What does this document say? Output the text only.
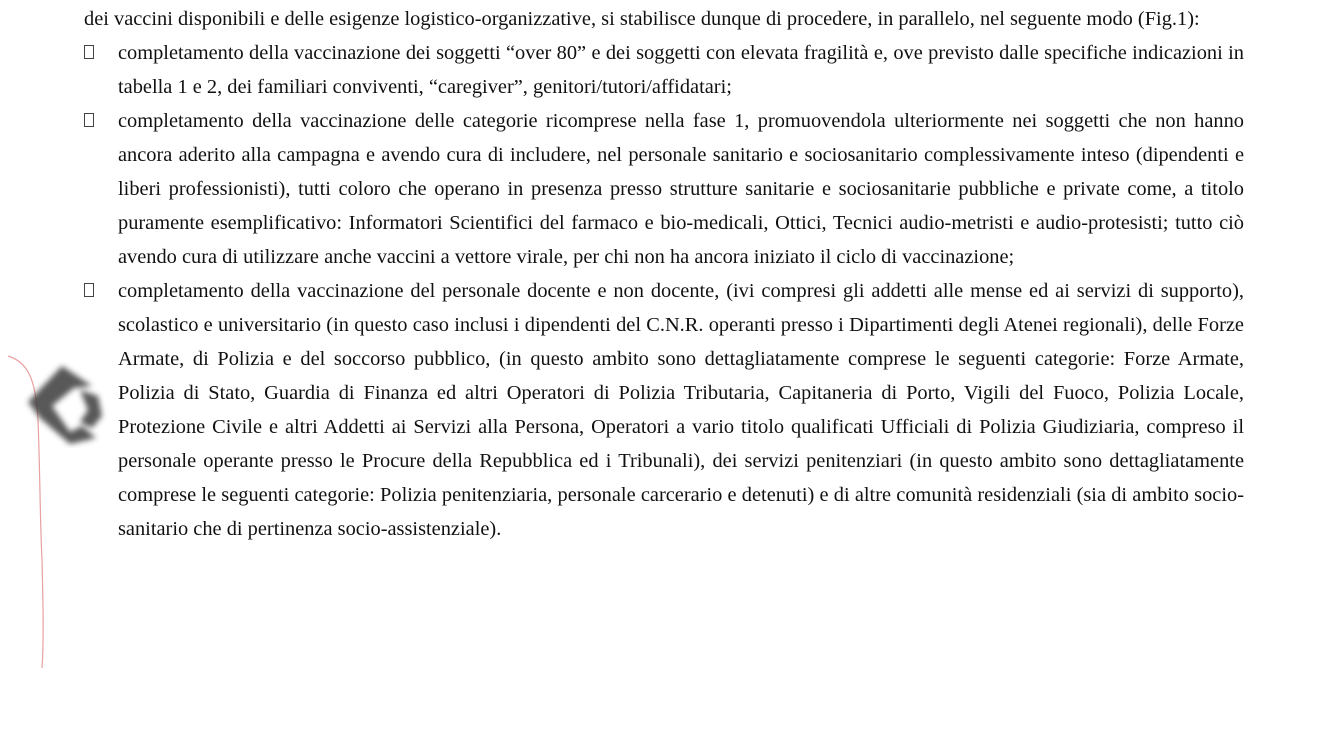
dei vaccini disponibili e delle esigenze logistico-organizzative, si stabilisce dunque di procedere, in parallelo, nel seguente modo (Fig.1):

completamento della vaccinazione dei soggetti “over 80” e dei soggetti con elevata fragilità e, ove previsto dalle specifiche indicazioni in tabella 1 e 2, dei familiari conviventi, “caregiver”, genitori/tutori/affidatari;
completamento della vaccinazione delle categorie ricomprese nella fase 1, promuovendola ulteriormente nei soggetti che non hanno ancora aderito alla campagna e avendo cura di includere, nel personale sanitario e sociosanitario complessivamente inteso (dipendenti e liberi professionisti), tutti coloro che operano in presenza presso strutture sanitarie e sociosanitarie pubbliche e private come, a titolo puramente esemplificativo: Informatori Scientifici del farmaco e bio-medicali, Ottici, Tecnici audio-metristi e audio-protesisti; tutto ciò avendo cura di utilizzare anche vaccini a vettore virale, per chi non ha ancora iniziato il ciclo di vaccinazione;
completamento della vaccinazione del personale docente e non docente, (ivi compresi gli addetti alle mense ed ai servizi di supporto), scolastico e universitario (in questo caso inclusi i dipendenti del C.N.R. operanti presso i Dipartimenti degli Atenei regionali), delle Forze Armate, di Polizia e del soccorso pubblico, (in questo ambito sono dettagliatamente comprese le seguenti categorie: Forze Armate, Polizia di Stato, Guardia di Finanza ed altri Operatori di Polizia Tributaria, Capitaneria di Porto, Vigili del Fuoco, Polizia Locale, Protezione Civile e altri Addetti ai Servizi alla Persona, Operatori a vario titolo qualificati Ufficiali di Polizia Giudiziaria, compreso il personale operante presso le Procure della Repubblica ed i Tribunali), dei servizi penitenziari (in questo ambito sono dettagliatamente comprese le seguenti categorie: Polizia penitenziaria, personale carcerario e detenuti) e di altre comunità residenziali (sia di ambito socio-sanitario che di pertinenza socio-assistenziale).
